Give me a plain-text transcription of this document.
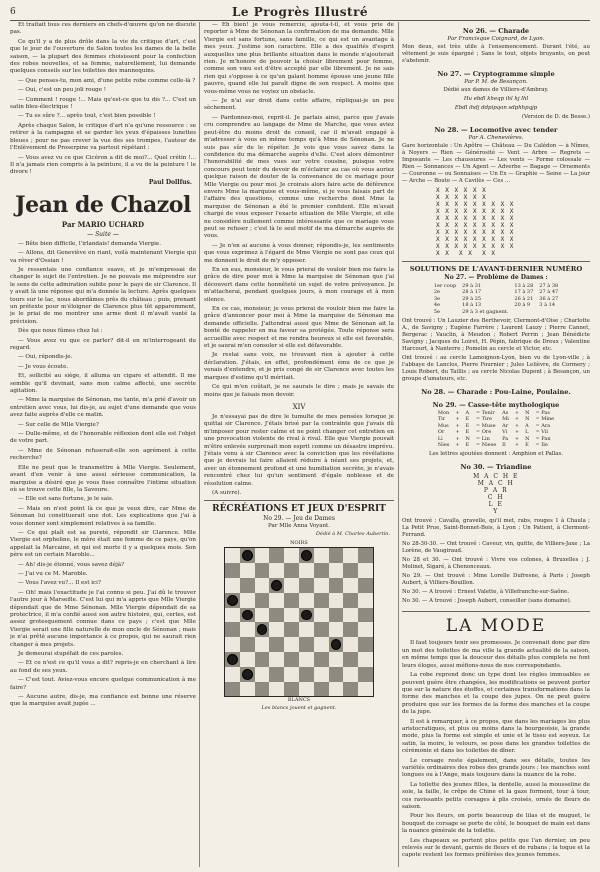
6	Le Progrès Illustré

Et traitait tous ces derniers en chefs-d'œuvre qu'on ne discute pas.

Ce qu'il y a de plus drôle dans la vie du critique d'art, c'est que le jour de l'ouverture du Salon toutes les dames de la belle saison, — la plupart des femmes choisissent pour la confection des robes nouvelles, et sa femme, naturellement, lui demande quelques conseils sur les toilettes des mannequins.

— Que penses-tu, mon ami, d'une petite robe comme celle-là ?

— Oui, c'est un peu joli rouge !

— Comment ! rouge !... Mais qu'est-ce que tu dis ?... C'est un satin bleu-électrique !

— Tu es sûre ?... après tout, c'est bien possible !

Après chaque Salon, le critique d'art n'a qu'une ressource : se retirer à la campagne et se garder les yeux d'épaisses lunettes bleues ; pour ne pas crever la vue des ses trompes, l'auteur de l'Enlèvement de Proserpine va partout répétant :

— Vous avez vu ce que Cicéron a dit de moi?... Quel crétin !... Il n'a jamais rien compris à la peinture, il a vu de la peinture ! le divore !

Paul Dollfus.
Jean de Chazol
Par MARIO UCHARD
— Suite —

— Bête bien difficile, l'irlandais! demanda Viergie.

— Allons, dit Geneviève en riant, voilà maintenant Viergie qui va rêver d'Ossian !

Je ressentais une confiance suave, et je m'empressai de changer le sujet de l'entretien. Je ne pouvais me méprendre sur le sens de cette admiration subite pour le pays de sir Clarence. Il y avait là une réponse qui m'a donnée la lecture. Après quelques tours sur le lac, nous abordâmes près du château ; puis, prenant un prétexte pour m'éloigner de Clarence plus tôt apparemment, je le priai de me montrer une arme dont il m'avait vanté la précision.

Dès que nous fûmes chez lui :

— Vous avez vu que ce parler? dit-il en m'interrogeant du regard.

— Oui, répondis-je.

— Je vous écoute.

Et, sollicité au siège, il alluma un cigare et attendit. Il me semble qu'il devinait, sans mon calme affecté, une secrète agitation.

— Mme la marquise de Sénonan, me tante, m'a prié d'avoir un entretien avec vous, lui dis-je, au sujet d'une demande que vous avez faite auprès d'elle ce matin.

— Sur celle de Mlle Viergie?

— Dulle-même, et de l'honorable réflexion dont elle est l'objet de votre part.

— Mme de Sénonan refuserait-elle son agrément à cette recherche?

Elle ne peut que le transmettre à Mlle Viergie. Seulement, avant d'en venir à une aussi sérieuse communication, la marquise a désiré que je vous fisse connaître l'intime situation où se trouve cette fille, la Savoure.

— Elle est sans fortune, je le sais.

— Mais on n'est point là ce que je veux dire, car Mme de Sénonan lui constituerait une dot. Les explications que j'ai à vous donner sont simplement relatives à sa famille.

— Ce qui plaît est sa pureté, répondit sir Clarence. Mlle Viergie est orpheline, le mère était une femme de ce pays, qu'on appelait la Marcaine, et qui est morte il y a quelques mois. Son père est un certain Maroble...

— Ah! dis-je étonné, vous savez déjà?

— J'ai vu ce M. Maroble.

— Vous l'avez vu?... Il est ici?

— Oh! mais l'exactitude je l'ai connu si peu. J'ai dû le trouver l'autre jour à Marseille. C'est lui qui m'a appris que Mlle Viergie dépendait que de Mme Sénonan. Mlle Viergie dépendait de sa protectrice, il m'a confié aussi son autre histoire, qui, certes, est assez grotesquement connue dans ce pays ; c'est que Mlle Viergie serait une fille naturelle de mon oncle de Sénonan ; mais je n'ai prêté aucune importance à ce propos, qui ne saurait rien changer à mes projets.

Je demeurai stupéfait de ces paroles.

— Et ce n'est ce qu'il vous a dit? repris-je en cherchant à lire au fond de ses yeux.

— C'est tout. Aviez-vous encore quelque communication à me faire?

— Aucune autre, dis-je, ma confiance est bonne une réserve que la marquise avait jugée ...

— Eh bien! je vous remercie, ajouta-t-il, et vous prie de reporter à Mme de Sénonan la confirmation de ma demande. Mlle Viergie est sans fortune, sans famille, ce qui est un avantage à mes yeux. J'estime son caractère. Elle a des qualités d'esprit auxquelles une plus brillante situation dans le monde n'ajouterait rien. Je m'honore de pouvoir la choisir librement pour femme, comme son vœu est d'être accepté par elle librement. Je ne sais rien qui s'oppose à ce qu'un galant homme épouse une jeune fille pauvre, quand elle lui paraît digne de son respect. A moins que vous-même vous ne voyiez un obstacle.

— Je n'ai sur droit dans cette affaire, répliquai-je un peu sèchement.

— Pardonnez-moi, reprit-il. Je parlais ainsi, parce que j'avais cru comprendre au langage de Mme de Marche, que vous aviez peut-être du moins droit de conseil, car il m'avait engagé à m'adresser à vous en même temps qu'à Mme de Sénonan. Je ne suis pas sûr de le répéter. Je vois que vous savez dans la confidence du ma démarche auprès d'elle. C'est alors démontrer l'honorabilité de mes vues sur votre cousine, puisque votre concours peut tenir du devoir de m'éclairer au cas où vous auriez quelque raison de douter de la convenance de ce mariage pour Mlle Viergie ou pour moi. Je croirais alors faire acte de déférence envers Mme la marquise et vous-même, si je vous faisais part de l'affaire des questions, comme une recherche dont Mme la marquise de Sénonan a été le premier confident. Elle m'avait chargé de vous exposer l'exacte situation de Mlle Viergie, et elle ne considère nullement comme intéressante que ce mariage vous peut se refuser ; c'est là le seul motif de ma démarche auprès de vous.

— Je n'en ai aucune à vous donner, répondis-je, les sentiments que vous exprimez à l'égard de Mme Viergie ne sont pas ceux qui me donnent le droit de m'y opposer.

En en eus, monsieur, le vous prierai de vouloir bien me faire la grâce de dire pour moi à Mme la marquise de Sénonan que j'ai découvert dans cette honnêteté un sujet de votre prévoyance. Je m'attacherai, pendant quelques jours, à mon courage et à mon silence.

En ce cas, monsieur, je vous prierai de vouloir bien me faire la grâce d'annoncer pour moi à Mme la marquise de Sénonan ma demande officielle. J'attendrai aussi que Mme de Sénonan ait la bonté de rappeler en ma faveur sa protégée. Toute réponse sera accueillie avec respect et me rendra heureux si elle est favorable, et je saurai m'en consoler si elle est défavorable.

Je restai sans voix, ne trouvant rien à ajouter à cette déclaration. J'étais, en effet, profondément ému de ce que je venais d'entendre, et je pris congé de sir Clarence avec toutes les marques d'estime qu'il méritait.

Ce qui m'en coûtait, je ne saurais le dire ; mais je savais du moins que je faisais mon devoir.

XIV

Je n'essayai pas de dire le tumulte de mes pensées lorsque je quittai sir Clarence. J'étais brisé par la contrainte que j'avais dû m'imposer pour rester calme et ne point changer cet entretien en une provocation violente de rival à rival. Elle que Viergie pouvait m'être enlevée surprenait mon esprit comme un désastre imprévu. J'étais venu à sir Clarence avec la conviction que les révélations que je devrais lui faire allaient réduire à néant ses projets, et, avec un étonnement profond et une humiliation secrète, je n'avais rencontré chez lui qu'un sentiment d'égale noblesse et de résolution calme.

(A suivre).

RÉCRÉATIONS ET JEUX D'ESPRIT
No 29. — Jeu de Dames
Par Mlle Anna Voyant.
Dédié à M. Charles Aubertin.
NOIRS
BLANCS
Les blancs jouent et gagnent.
No 26. — Charade
Par Francisque Coignard, de Lyon.

Mon deux, est très utile à l'ensemencement. Durant l'été, au vêtement je suis épargné ; Sans le tout, objets bruyants, on peut s'abstenir.

No 27. — Cryptogramme simple
Par P. M. de Besançon.

Dédié aux dames de Villiers-d'Ambray.

Hu ebdl kheqp ihl hj lhl

Ebdl ihdj ddpipqon sdphhpqjp

(Version de D. de Besse.)

No 28. — Locomotive avec tender
Par A. Chenevières.

Gare horizontale : Un Apôtre — Château — Du Calédon — à Nîmes, à Noyers — Rien — Générosité — Vent — Arbre — Regrets — Imposante — Les chaussures — Les vents — Forme colossale — Rien — Sonnances — Un Agent — Adverbe — Bagage — Ornements — Couronne — ou Sonnaises — Un Ex — Graphie — Seine — La jour — Arche — Boute — A Cavilès — Ces ...

X X X X X X
X X X X X X
X X X X X X X X X
X X X X X X X X X
X X X X X X X X X
X X X X X X X X X
X X X X X X X X X
X X X X X X X X X
X X X X X X X X X
X X  X X  X X
SOLUTIONS DE L'AVANT-DERNIER NUMÉRO
No 27. — Problème de Dames :
1er coup	29 à 31	13 à 28	27 à 38
2e	28 à 17	17 à 37	27 à 47
3e	29 à 25	26 à 21	36 à 27
4e	18 à 13	20 à 9	3 à 14
5e	29 à 3 et gagnent.		

Ont trouvé : Un Lauzier des Berthevoir, Clermont-d'Oise ; Charlotte A., de Savigny ; Eugène Farrère ; Laurent Lauzy ; Pierre Cannet, Bergerac ; Vauclin, à Meudon ; Robert Perrin ; Jean Bénédicte Savigny ; Jacques du Loiret, H. Pépin, fabrique de Dreux ; Valentine Harcourt, à Nanterre ; Pomelin au cercle et Victor, etc.

Ont trouvé : au cercle Lamoignon-Lyon, bien vu de Lyon-ville ; à l'abbaye de Lanclos, Pierre Fournier ; Jules Lelièvre, de Cormery ; Louis Robert, du Taillis ; au cercle Nicolas Dupont ; à Besançon, un groupe d'amateurs, etc.

No 28. — Charade : Pou-Laine, Poulaine.
No 29. — Casse-tête mythologique
Mon	+	A	= Tenir	As	+	N	= Pas
Tir	+	E	= Tire	Mi	+	N	= Mine
Mus	+	E	= Muse	Ar	+	A	= Ara
Or	+	E	= Ore	Vi	+	L	= Vil
Li	+	N	= Lin	Pa	+	N	= Pan
Nies	+	E	= Niese	Il	+	E	= Ile

Les lettres ajoutées donnent : Amphion et Pallas.

No 30. — Triandine
M A C H E
M A C H
P A R
C H
L E
Y

Ont trouvé : Cavalla, gravelle, qu'il met, rabs, rouges 1 à Chaula ; La Petit Prue, Saint-Bonnet-Bois, à Lyon ; Un Patient, à Clermont-Ferrand.

No 28-30-30. — Ont trouvé : Caveur, vin, quitte, de Villiers-Jaxe ; La Lorène, de Vaugiraud.

No 28 et 30. — Ont trouvé : Vivre vos colones, à Bruxelles ; J. Molinet, Sigaré, à Chenonceaux.

No 29. — Ont trouvé : Mme Lorelle Dufresne, à Paris ; Joseph Aubert, à Villiers-Bouillon.

No 30. — A trouvé : Ernest Valette, à Villefranche-sur-Saône.

No 30. — A trouvé : Joseph Aubert, conseiller (sans domaine).

LA MODE

Il faut toujours tenir ses promesses. Je convenait donc par dire un mot des toilettes de ma ville la grande actualité de la saison, en même temps que la douceur des détails plus complets ne font leurs éloges, aussi méfions-nous de nos correspondants.

La robe reprend donc un type dont les règles immuables se peuvent guère être changées, les modifications se peuvent porter que sur la nature des étoffes, et certaines transformations dans la forme des manches et la coupe des jupes. On ne peut guère produire que sur les formes de la forme des manches et la coupe de la jupe.

Il est à remarquer, à ce propos, que dans les mariages les plus aristocratiques, et plus ou moins dans la bourgeoisie, la grande mode, plus la forme est simple et unie et le tissu est soyeux. Le satin, la moire, le velours, se pose dans les grandes toilettes de cérémonie et dans les toilettes de dîner.

Le corsage reste également, dans ses détails, toutes les variétés ordinaires des robes des grands jours ; les manches sont longues ou à l'Ange, mais toujours dans la nuance de la robe.

La toilette des jeunes filles, la dentelle, aussi la mousseline de soie, la faille, le crêpe de Chine et la gaze forment, tour à tour, ces ravissants petits corsages à plis croisés, ornés de fleurs de saison.

Pour les fleurs, on porte beaucoup de lilas et de muguet, le bouquet de corsage se porte de côté, le bouquet de main est dans la nuance générale de la toilette.

Les chapeaux se portent plus petits que l'an dernier, un peu relevés sur le devant, garnis de fleurs et de rubans ; la toque et la capote restent les formes préférées des jeunes femmes.
